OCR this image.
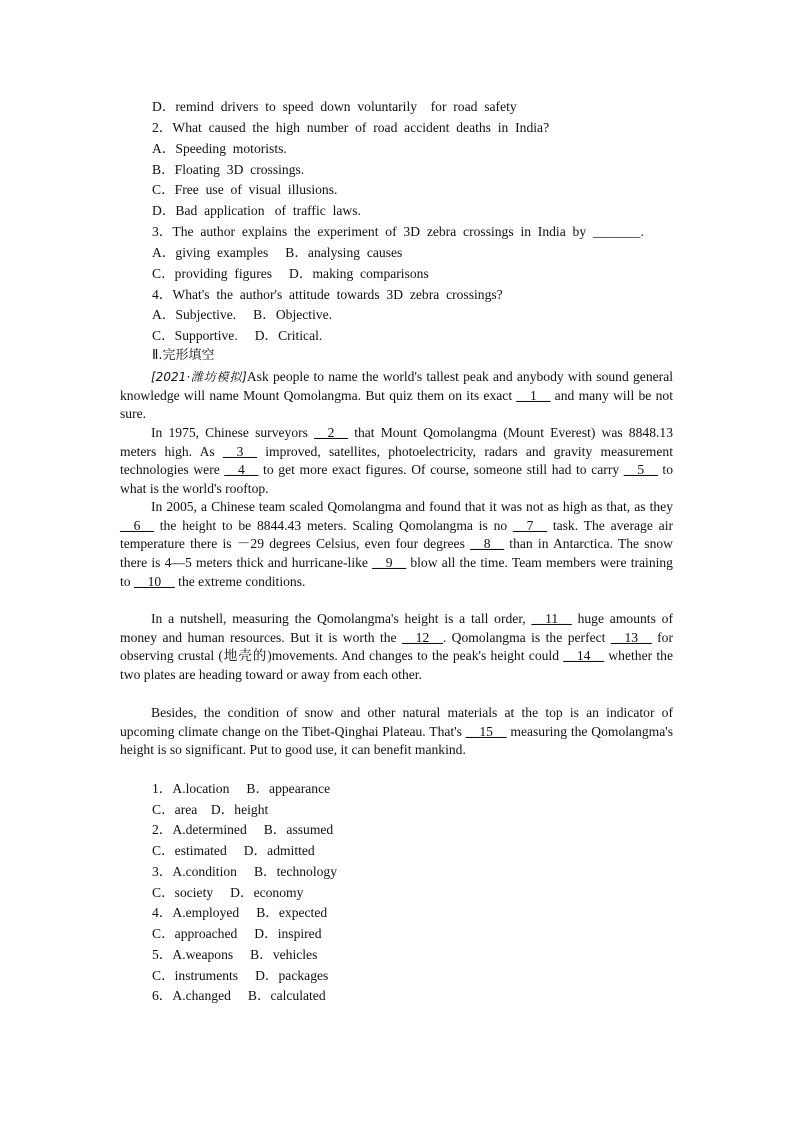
D．remind  drivers  to  speed  down  voluntarily    for  road  safety
2．What  caused  the  high  number  of  road  accident  deaths  in  India?
A．Speeding  motorists.
B．Floating  3D  crossings.
C．Free  use  of  visual  illusions.
D．Bad  application   of  traffic  laws.
3．The  author  explains  the  experiment  of  3D  zebra  crossings  in  India  by  _______.
A．giving  examples     B．analysing  causes
C．providing  figures     D．making  comparisons
4．What's  the  author's  attitude  towards  3D  zebra  crossings?
A．Subjective.     B．Objective.
C．Supportive.     D．Critical.
Ⅱ.完形填空
[2021·潍坊模拟]Ask people to name the world's tallest peak and anybody with sound general knowledge will name Mount Qomolangma. But quiz them on its exact __1__ and many will be not sure.
In 1975, Chinese surveyors __2__ that Mount Qomolangma (Mount Everest) was 8848.13 meters high. As __3__ improved, satellites, photoelectricity, radars and gravity measurement technologies were __4__ to get more exact figures. Of course, someone still had to carry __5__ to what is the world's rooftop.
In 2005, a Chinese team scaled Qomolangma and found that it was not as high as that, as they __6__ the height to be 8844.43 meters. Scaling Qomolangma is no __7__ task. The average air temperature there is －29 degrees Celsius, even four degrees __8__ than in Antarctica. The snow there is 4—5 meters thick and hurricane-like __9__ blow all the time. Team members were training to __10__ the extreme conditions.
In a nutshell, measuring the Qomolangma's height is a tall order, __11__ huge amounts of money and human resources. But it is worth the __12__. Qomolangma is the perfect __13__ for observing crustal (地壳的)movements. And changes to the peak's height could __14__ whether the two plates are heading toward or away from each other.
Besides, the condition of snow and other natural materials at the top is an indicator of upcoming climate change on the Tibet-Qinghai Plateau. That's __15__ measuring the Qomolangma's height is so significant. Put to good use, it can benefit mankind.
1．A.location     B．appearance
C．area    D．height
2．A.determined     B．assumed
C．estimated     D．admitted
3．A.condition     B．technology
C．society     D．economy
4．A.employed     B．expected
C．approached     D．inspired
5．A.weapons     B．vehicles
C．instruments     D．packages
6．A.changed     B．calculated
